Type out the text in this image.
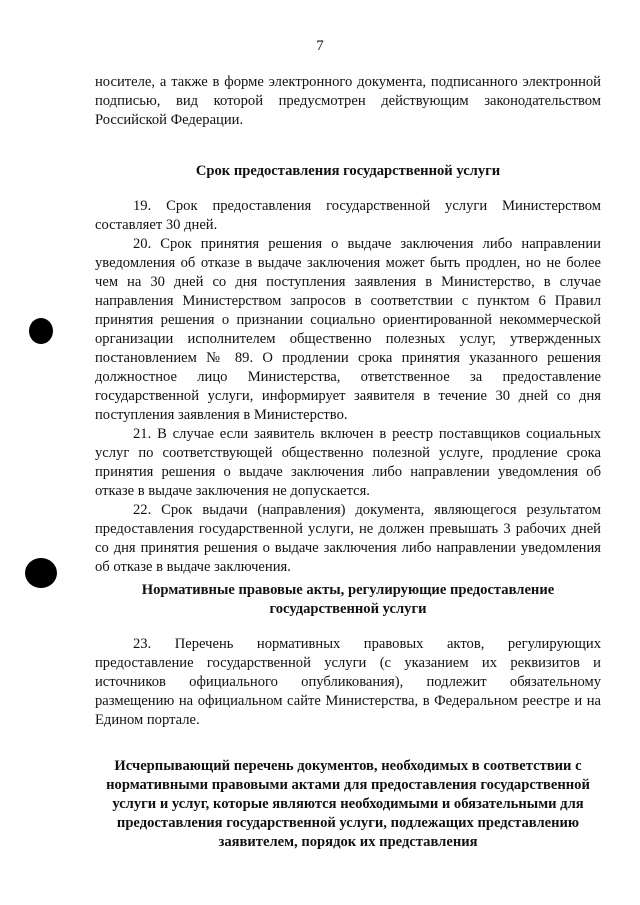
7

носителе, а также в форме электронного документа, подписанного электронной подписью, вид которой предусмотрен действующим законодательством Российской Федерации.

Срок предоставления государственной услуги

19. Срок предоставления государственной услуги Министерством составляет 30 дней.

20. Срок принятия решения о выдаче заключения либо направлении уведомления об отказе в выдаче заключения может быть продлен, но не более чем на 30 дней со дня поступления заявления в Министерство, в случае направления Министерством запросов в соответствии с пунктом 6 Правил принятия решения о признании социально ориентированной некоммерческой организации исполнителем общественно полезных услуг, утвержденных постановлением № 89. О продлении срока принятия указанного решения должностное лицо Министерства, ответственное за предоставление государственной услуги, информирует заявителя в течение 30 дней со дня поступления заявления в Министерство.

21. В случае если заявитель включен в реестр поставщиков социальных услуг по соответствующей общественно полезной услуге, продление срока принятия решения о выдаче заключения либо направлении уведомления об отказе в выдаче заключения не допускается.

22. Срок выдачи (направления) документа, являющегося результатом предоставления государственной услуги, не должен превышать 3 рабочих дней со дня принятия решения о выдаче заключения либо направлении уведомления об отказе в выдаче заключения.

Нормативные правовые акты, регулирующие предоставление
государственной услуги

23. Перечень нормативных правовых актов, регулирующих предоставление государственной услуги (с указанием их реквизитов и источников официального опубликования), подлежит обязательному размещению на официальном сайте Министерства, в Федеральном реестре и на Едином портале.

Исчерпывающий перечень документов, необходимых в соответствии с
нормативными правовыми актами для предоставления государственной
услуги и услуг, которые являются необходимыми и обязательными для
предоставления государственной услуги, подлежащих представлению
заявителем, порядок их представления
